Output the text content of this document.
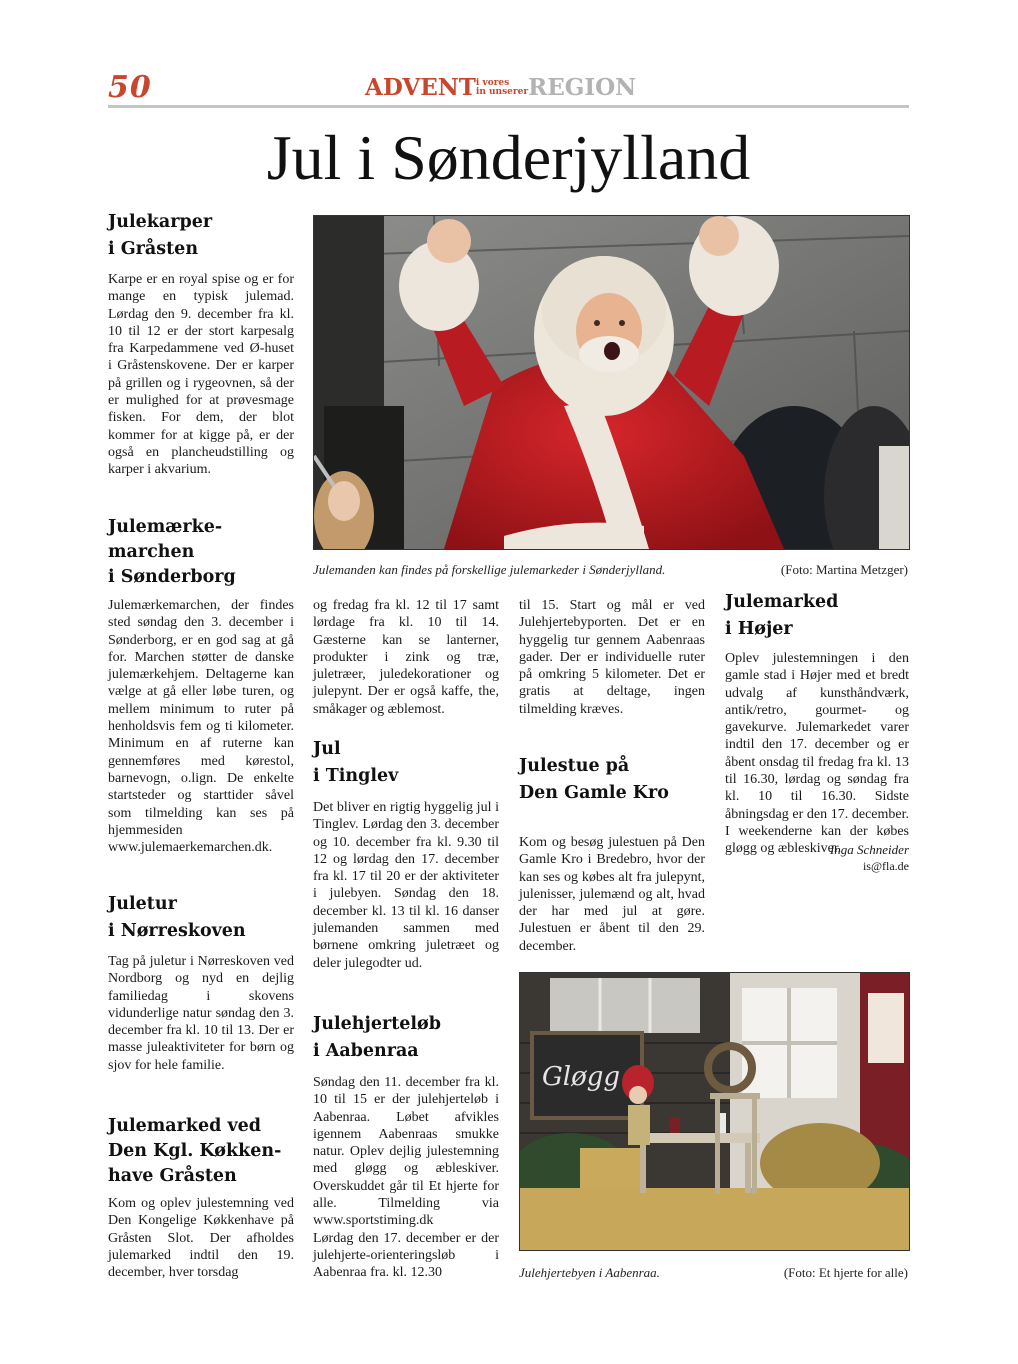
50	ADVENT i vores
in unserer REGION
Jul i Sønderjylland

Julekarper

i Gråsten

Karpe er en royal spise og er for mange en typisk julemad. Lørdag den 9. december fra kl. 10 til 12 er der stort karpesalg fra Karpedammene ved Ø-huset i Gråstenskovene. Der er karper på grillen og i rygeovnen, så der er mulighed for at prøvesmage fisken. For dem, der blot kommer for at kigge på, er der også en plancheudstilling og karper i akvarium.

Julemærke-

marchen

i Sønderborg

Julemærkemarchen, der findes sted søndag den 3. december i Sønderborg, er en god sag at gå for. Marchen støtter de danske julemærkehjem. Deltagerne kan vælge at gå eller løbe turen, og mellem minimum to ruter på henholdsvis fem og ti kilometer. Minimum en af ruterne kan gennemføres med kørestol, barnevogn, o.lign. De enkelte startsteder og starttider såvel som tilmelding kan ses på hjemmesiden www.julemaerkemarchen.dk.

Juletur

i Nørreskoven

Tag på juletur i Nørreskoven ved Nordborg og nyd en dejlig familiedag i skovens vidunderlige natur søndag den 3. december fra kl. 10 til 13. Der er masse juleaktiviteter for børn og sjov for hele familie.

Julemarked ved

Den Kgl. Køkken-

have Gråsten

Kom og oplev julestemning ved Den Kongelige Køkkenhave på Gråsten Slot. Der afholdes julemarked indtil den 19. december, hver torsdag

Julemanden kan findes på forskellige julemarkeder i Sønderjylland.	(Foto: Martina Metzger)

og fredag fra kl. 12 til 17 samt lørdage fra kl. 10 til 14. Gæsterne kan se lanterner, produkter i zink og træ, juletræer, juledekorationer og julepynt. Der er også kaffe, the, småkager og æblemost.

Jul

i Tinglev

Det bliver en rigtig hyggelig jul i Tinglev. Lørdag den 3. december og 10. december fra kl. 9.30 til 12 og lørdag den 17. december fra kl. 17 til 20 er der aktiviteter i julebyen. Søndag den 18. december kl. 13 til kl. 16 danser julemanden sammen med børnene omkring juletræet og deler julegodter ud.

Julehjerteløb

i Aabenraa

Søndag den 11. december fra kl. 10 til 15 er der julehjerteløb i Aabenraa. Løbet afvikles igennem Aabenraas smukke natur. Oplev dejlig julestemning med gløgg og æbleskiver. Overskuddet går til Et hjerte for alle. Tilmelding via www.sportstiming.dk
Lørdag den 17. december er der julehjerte-orienteringsløb i Aabenraa fra. kl. 12.30

til 15. Start og mål er ved Julehjertebyporten. Det er en hyggelig tur gennem Aabenraas gader. Der er individuelle ruter på omkring 5 kilometer. Det er gratis at deltage, ingen tilmelding kræves.

Julestue på

Den Gamle Kro

Kom og besøg julestuen på Den Gamle Kro i Bredebro, hvor der kan ses og købes alt fra julepynt, julenisser, julemænd og alt, hvad der har med jul at gøre. Julestuen er åbent til den 29. december.

Julemarked

i Højer

Oplev julestemningen i den gamle stad i Højer med et bredt udvalg af kunsthåndværk, antik/retro, gourmet- og gavekurve. Julemarkedet varer indtil den 17. december og er åbent onsdag til fredag fra kl. 13 til 16.30, lørdag og søndag fra kl. 10 til 16.30. Sidste åbningsdag er den 17. december. I weekenderne kan der købes gløgg og æbleskiver.

Inga Schneider

is@fla.de

Gløgg
Julehjertebyen i Aabenraa.	(Foto: Et hjerte for alle)
